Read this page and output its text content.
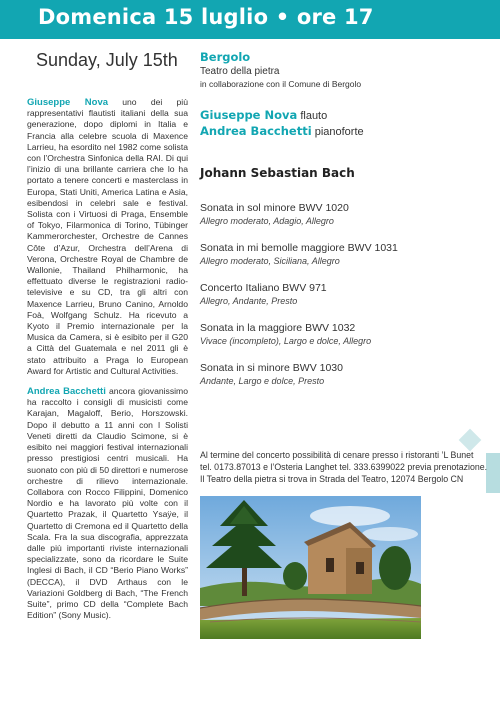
Domenica 15 luglio • ore 17
Sunday, July 15th

Giuseppe Nova uno dei più rappresentativi flautisti italiani della sua generazione, dopo diplomi in Italia e Francia alla celebre scuola di Maxence Larrieu, ha esordito nel 1982 come solista con l’Orchestra Sinfonica della RAI. Di qui l’inizio di una brillante carriera che lo ha portato a tenere concerti e masterclass in Europa, Stati Uniti, America Latina e Asia, esibendosi in celebri sale e festival. Solista con i Virtuosi di Praga, Ensemble of Tokyo, Filarmonica di Torino, Tübinger Kammerorchester, Orchestre de Cannes Côte d’Azur, Orchestra dell’Arena di Verona, Orchestre Royal de Chambre de Wallonie, Thailand Philharmonic, ha effettuato diverse le registrazioni radio-televisive e su CD, tra gli altri con Maxence Larrieu, Bruno Canino, Arnoldo Foà, Wolfgang Schulz. Ha ricevuto a Kyoto il Premio internazionale per la Musica da Camera, si è esibito per il G20 a Città del Guatemala e nel 2011 gli è stato attribuito a Praga lo European Award for Artistic and Cultural Activities.

Andrea Bacchetti ancora giovanissimo ha raccolto i consigli di musicisti come Karajan, Magaloff, Berio, Horszowski. Dopo il debutto a 11 anni con I Solisti Veneti diretti da Claudio Scimone, si è esibito nei maggiori festival internazionali presso prestigiosi centri musicali. Ha suonato con più di 50 direttori e numerose orchestre di rilievo internazionale. Collabora con Rocco Filippini, Domenico Nordio e ha lavorato più volte con il Quartetto Prazak, il Quartetto Ysaÿe, il Quartetto di Cremona ed il Quartetto della Scala. Fra la sua discografia, apprezzata dalle più importanti riviste internazionali specializzate, sono da ricordare le Suite Inglesi di Bach, il CD “Berio Piano Works” (DECCA), il DVD Arthaus con le Variazioni Goldberg di Bach, “The French Suite”, primo CD della “Complete Bach Edition” (Sony Music).

Bergolo

Teatro della pietra

in collaborazione con il Comune di Bergolo

Giuseppe Nova flauto
Andrea Bacchetti pianoforte
Johann Sebastian Bach
Sonata in sol minore BWV 1020
Allegro moderato, Adagio, Allegro
Sonata in mi bemolle maggiore BWV 1031
Allegro moderato, Siciliana, Allegro
Concerto Italiano BWV 971
Allegro, Andante, Presto
Sonata in la maggiore BWV 1032
Vivace (incompleto), Largo e dolce, Allegro
Sonata in si minore BWV 1030
Andante, Largo e dolce, Presto

Al termine del concerto possibilità di cenare presso i ristoranti ’L Bunet

tel. 0173.87013 e l’Osteria Langhet tel. 333.6399022 previa prenotazione.

Il Teatro della pietra si trova in Strada del Teatro, 12074 Bergolo CN
